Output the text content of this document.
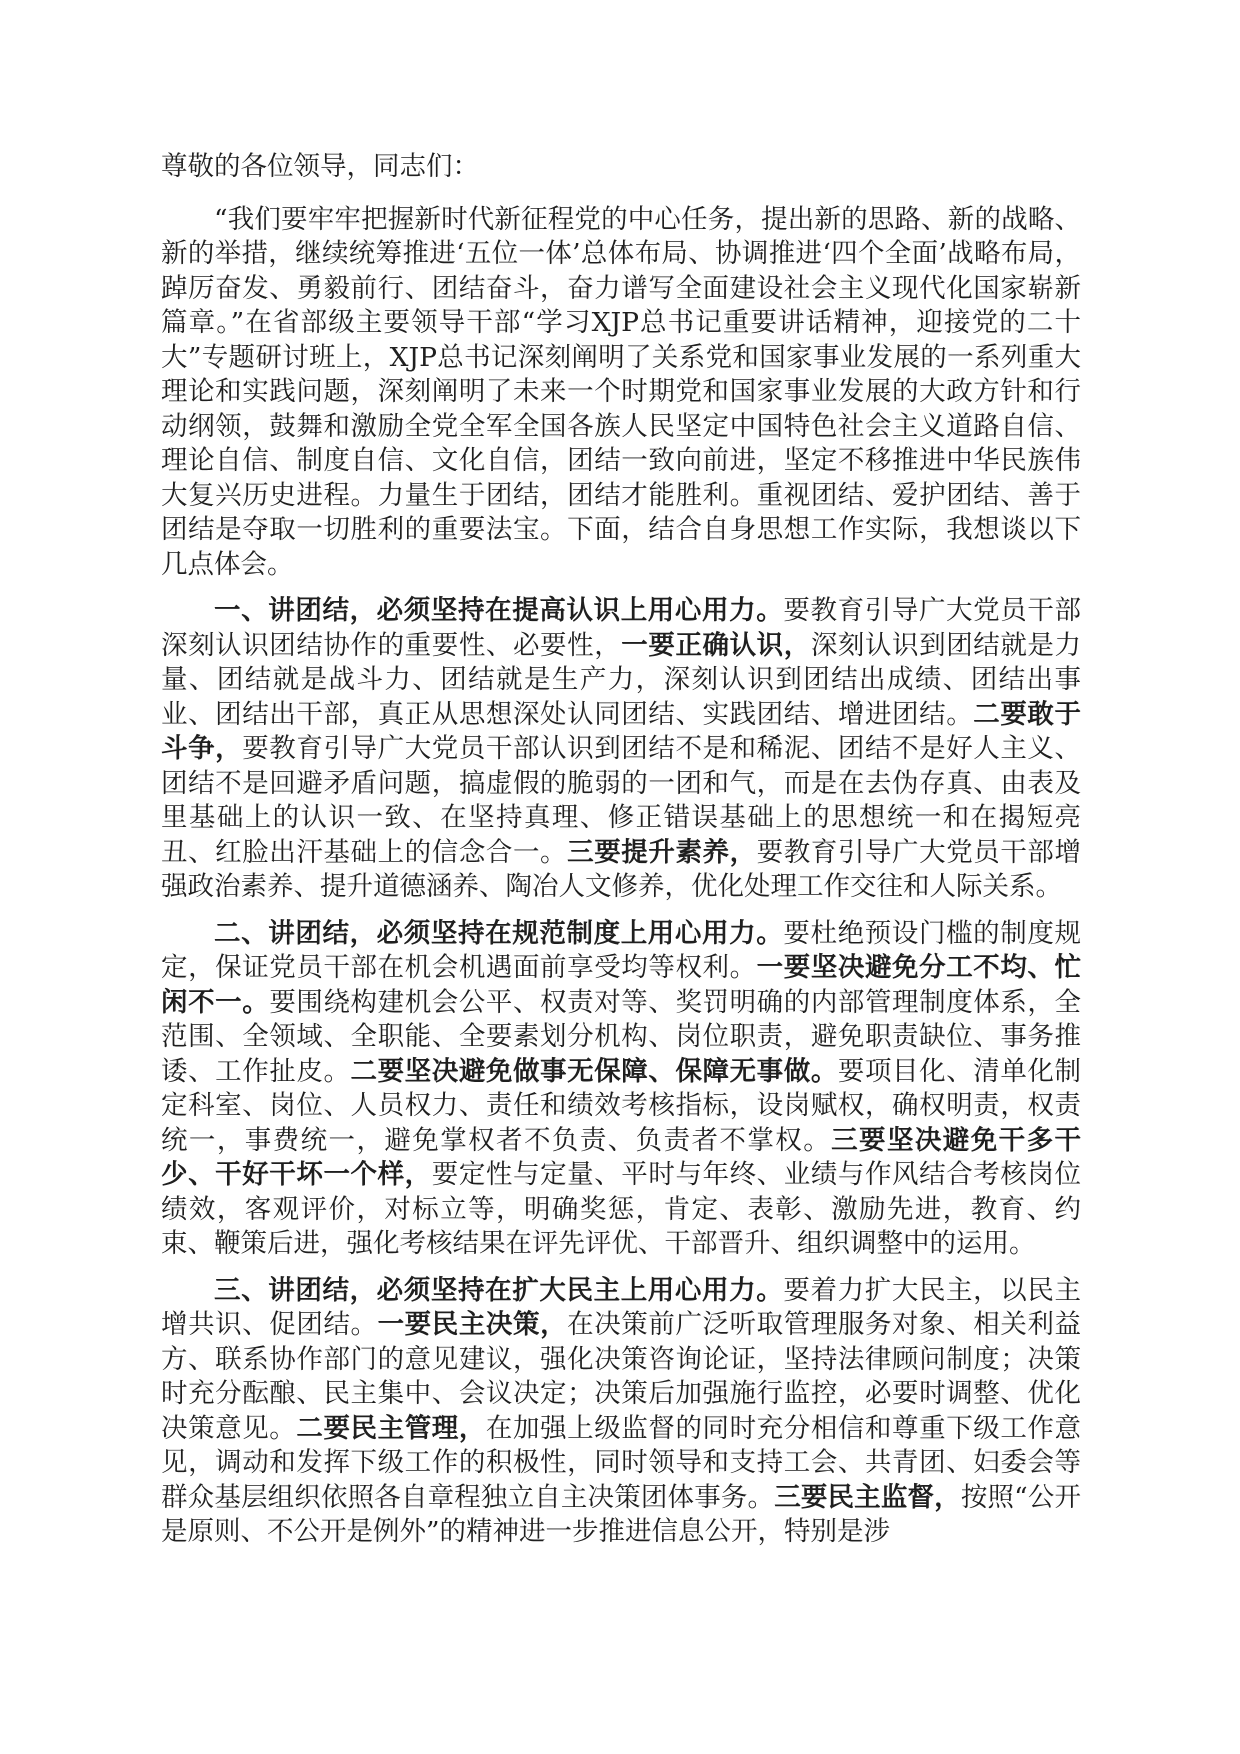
尊敬的各位领导，同志们：

“我们要牢牢把握新时代新征程党的中心任务，提出新的思路、新的战略、新的举措，继续统筹推进‘五位一体’总体布局、协调推进‘四个全面’战略布局，踔厉奋发、勇毅前行、团结奋斗，奋力谱写全面建设社会主义现代化国家崭新篇章。”在省部级主要领导干部“学习XJP总书记重要讲话精神，迎接党的二十大”专题研讨班上，XJP总书记深刻阐明了关系党和国家事业发展的一系列重大理论和实践问题，深刻阐明了未来一个时期党和国家事业发展的大政方针和行动纲领，鼓舞和激励全党全军全国各族人民坚定中国特色社会主义道路自信、理论自信、制度自信、文化自信，团结一致向前进，坚定不移推进中华民族伟大复兴历史进程。力量生于团结，团结才能胜利。重视团结、爱护团结、善于团结是夺取一切胜利的重要法宝。下面，结合自身思想工作实际，我想谈以下几点体会。

一、讲团结，必须坚持在提高认识上用心用力。要教育引导广大党员干部深刻认识团结协作的重要性、必要性，一要正确认识，深刻认识到团结就是力量、团结就是战斗力、团结就是生产力，深刻认识到团结出成绩、团结出事业、团结出干部，真正从思想深处认同团结、实践团结、增进团结。二要敢于斗争，要教育引导广大党员干部认识到团结不是和稀泥、团结不是好人主义、团结不是回避矛盾问题，搞虚假的脆弱的一团和气，而是在去伪存真、由表及里基础上的认识一致、在坚持真理、修正错误基础上的思想统一和在揭短亮丑、红脸出汗基础上的信念合一。三要提升素养，要教育引导广大党员干部增强政治素养、提升道德涵养、陶冶人文修养，优化处理工作交往和人际关系。

二、讲团结，必须坚持在规范制度上用心用力。要杜绝预设门槛的制度规定，保证党员干部在机会机遇面前享受均等权利。一要坚决避免分工不均、忙闲不一。要围绕构建机会公平、权责对等、奖罚明确的内部管理制度体系，全范围、全领域、全职能、全要素划分机构、岗位职责，避免职责缺位、事务推诿、工作扯皮。二要坚决避免做事无保障、保障无事做。要项目化、清单化制定科室、岗位、人员权力、责任和绩效考核指标，设岗赋权，确权明责，权责统一，事费统一，避免掌权者不负责、负责者不掌权。三要坚决避免干多干少、干好干坏一个样，要定性与定量、平时与年终、业绩与作风结合考核岗位绩效，客观评价，对标立等，明确奖惩，肯定、表彰、激励先进，教育、约束、鞭策后进，强化考核结果在评先评优、干部晋升、组织调整中的运用。

三、讲团结，必须坚持在扩大民主上用心用力。要着力扩大民主，以民主增共识、促团结。一要民主决策，在决策前广泛听取管理服务对象、相关利益方、联系协作部门的意见建议，强化决策咨询论证，坚持法律顾问制度；决策时充分酝酿、民主集中、会议决定；决策后加强施行监控，必要时调整、优化决策意见。二要民主管理，在加强上级监督的同时充分相信和尊重下级工作意见，调动和发挥下级工作的积极性，同时领导和支持工会、共青团、妇委会等群众基层组织依照各自章程独立自主决策团体事务。三要民主监督，按照“公开是原则、不公开是例外”的精神进一步推进信息公开，特别是涉
